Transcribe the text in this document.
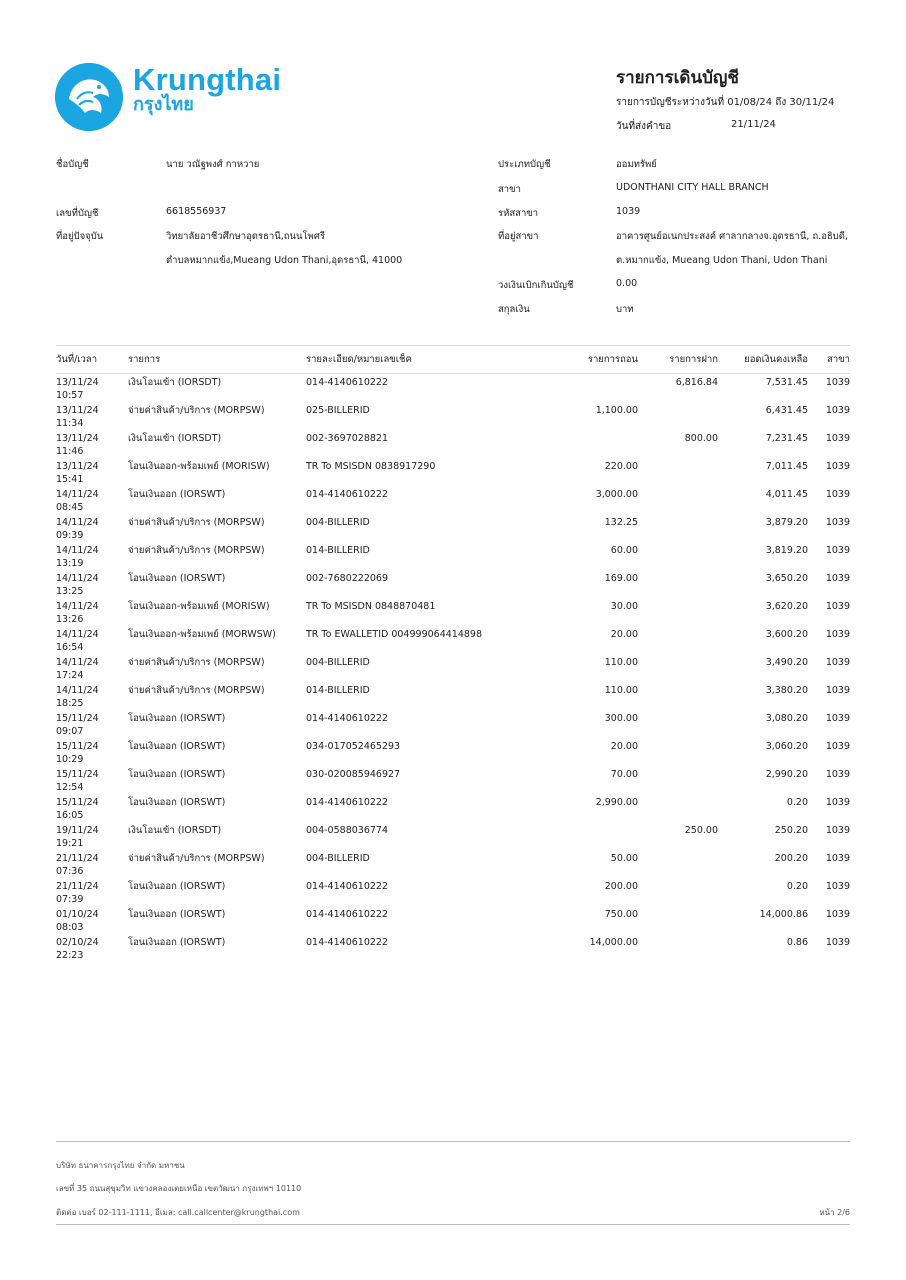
Krungthai
กรุงไทย
รายการเดินบัญชี
รายการบัญชีระหว่างวันที่ 01/08/24 ถึง 30/11/24
วันที่ส่งคำขอ	21/11/24
ชื่อบัญชี	นาย วณัฐพงศ์ กาหวาย
เลขที่บัญชี	6618556937
ที่อยู่ปัจจุบัน	วิทยาลัยอาชีวศึกษาอุดรธานี,ถนนโพศรี
ตำบลหมากแข้ง,Mueang Udon Thani,อุดรธานี, 41000
ประเภทบัญชี	ออมทรัพย์
สาขา	UDONTHANI CITY HALL BRANCH
รหัสสาขา	1039
ที่อยู่สาขา	อาคารศูนย์อเนกประสงค์ ศาลากลางจ.อุดรธานี, ถ.อธิบดี,
ต.หมากแข้ง, Mueang Udon Thani, Udon Thani
วงเงินเบิกเกินบัญชี	0.00
สกุลเงิน	บาท
วันที่/เวลา	รายการ	รายละเอียด/หมายเลขเช็ค	รายการถอน	รายการฝาก	ยอดเงินคงเหลือ	สาขา

13/11/24
10:57	เงินโอนเข้า (IORSDT)	014-4140610222		6,816.84	7,531.45	1039

13/11/24
11:34	จ่ายค่าสินค้า/บริการ (MORPSW)	025-BILLERID	1,100.00		6,431.45	1039

13/11/24
11:46	เงินโอนเข้า (IORSDT)	002-3697028821		800.00	7,231.45	1039

13/11/24
15:41	โอนเงินออก-พร้อมเพย์ (MORISW)	TR To MSISDN 0838917290	220.00		7,011.45	1039

14/11/24
08:45	โอนเงินออก (IORSWT)	014-4140610222	3,000.00		4,011.45	1039

14/11/24
09:39	จ่ายค่าสินค้า/บริการ (MORPSW)	004-BILLERID	132.25		3,879.20	1039

14/11/24
13:19	จ่ายค่าสินค้า/บริการ (MORPSW)	014-BILLERID	60.00		3,819.20	1039

14/11/24
13:25	โอนเงินออก (IORSWT)	002-7680222069	169.00		3,650.20	1039

14/11/24
13:26	โอนเงินออก-พร้อมเพย์ (MORISW)	TR To MSISDN 0848870481	30.00		3,620.20	1039

14/11/24
16:54	โอนเงินออก-พร้อมเพย์ (MORWSW)	TR To EWALLETID 004999064414898	20.00		3,600.20	1039

14/11/24
17:24	จ่ายค่าสินค้า/บริการ (MORPSW)	004-BILLERID	110.00		3,490.20	1039

14/11/24
18:25	จ่ายค่าสินค้า/บริการ (MORPSW)	014-BILLERID	110.00		3,380.20	1039

15/11/24
09:07	โอนเงินออก (IORSWT)	014-4140610222	300.00		3,080.20	1039

15/11/24
10:29	โอนเงินออก (IORSWT)	034-017052465293	20.00		3,060.20	1039

15/11/24
12:54	โอนเงินออก (IORSWT)	030-020085946927	70.00		2,990.20	1039

15/11/24
16:05	โอนเงินออก (IORSWT)	014-4140610222	2,990.00		0.20	1039

19/11/24
19:21	เงินโอนเข้า (IORSDT)	004-0588036774		250.00	250.20	1039

21/11/24
07:36	จ่ายค่าสินค้า/บริการ (MORPSW)	004-BILLERID	50.00		200.20	1039

21/11/24
07:39	โอนเงินออก (IORSWT)	014-4140610222	200.00		0.20	1039

01/10/24
08:03	โอนเงินออก (IORSWT)	014-4140610222	750.00		14,000.86	1039

02/10/24
22:23	โอนเงินออก (IORSWT)	014-4140610222	14,000.00		0.86	1039
บริษัท ธนาคารกรุงไทย จำกัด มหาชน
เลขที่ 35 ถนนสุขุมวิท แขวงคลองเตยเหนือ เขตวัฒนา กรุงเทพฯ 10110
ติดต่อ เบอร์ 02-111-1111, อีเมล: call.callcenter@krungthai.com	หน้า 2/6
